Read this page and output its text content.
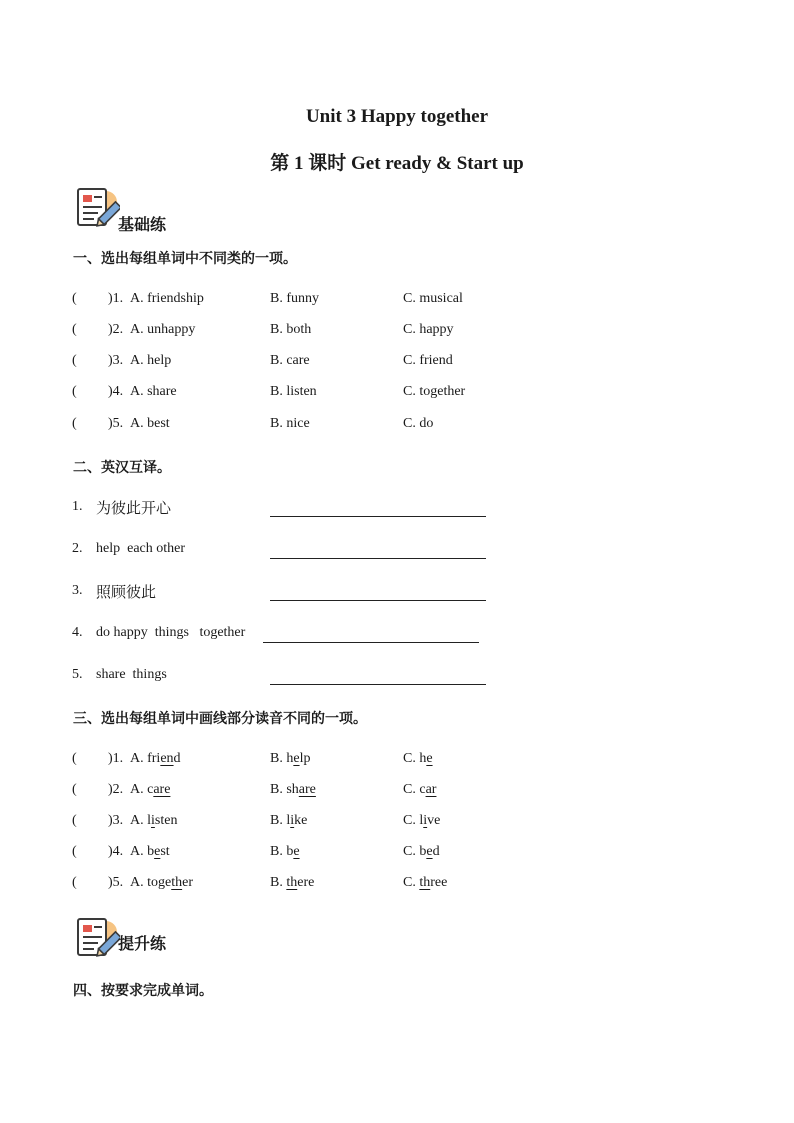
Unit 3 Happy together
第 1 课时 Get ready & Start up
基础练
一、选出每组单词中不同类的一项。
( )1. A. friendship	B. funny	C. musical
( )2. A. unhappy	B. both	C. happy
( )3. A. help	B. care	C. friend
( )4. A. share	B. listen	C. together
( )5. A. best	B. nice	C. do
二、英汉互译。
1. 为彼此开心
2. help  each other
3. 照顾彼此
4. do happy  things   together
5. share  things
三、选出每组单词中画线部分读音不同的一项。
( )1. A. friend	B. help	C. he
( )2. A. care	B. share	C. car
( )3. A. listen	B. like	C. live
( )4. A. best	B. be	C. bed
( )5. A. together	B. there	C. three
提升练
四、按要求完成单词。
